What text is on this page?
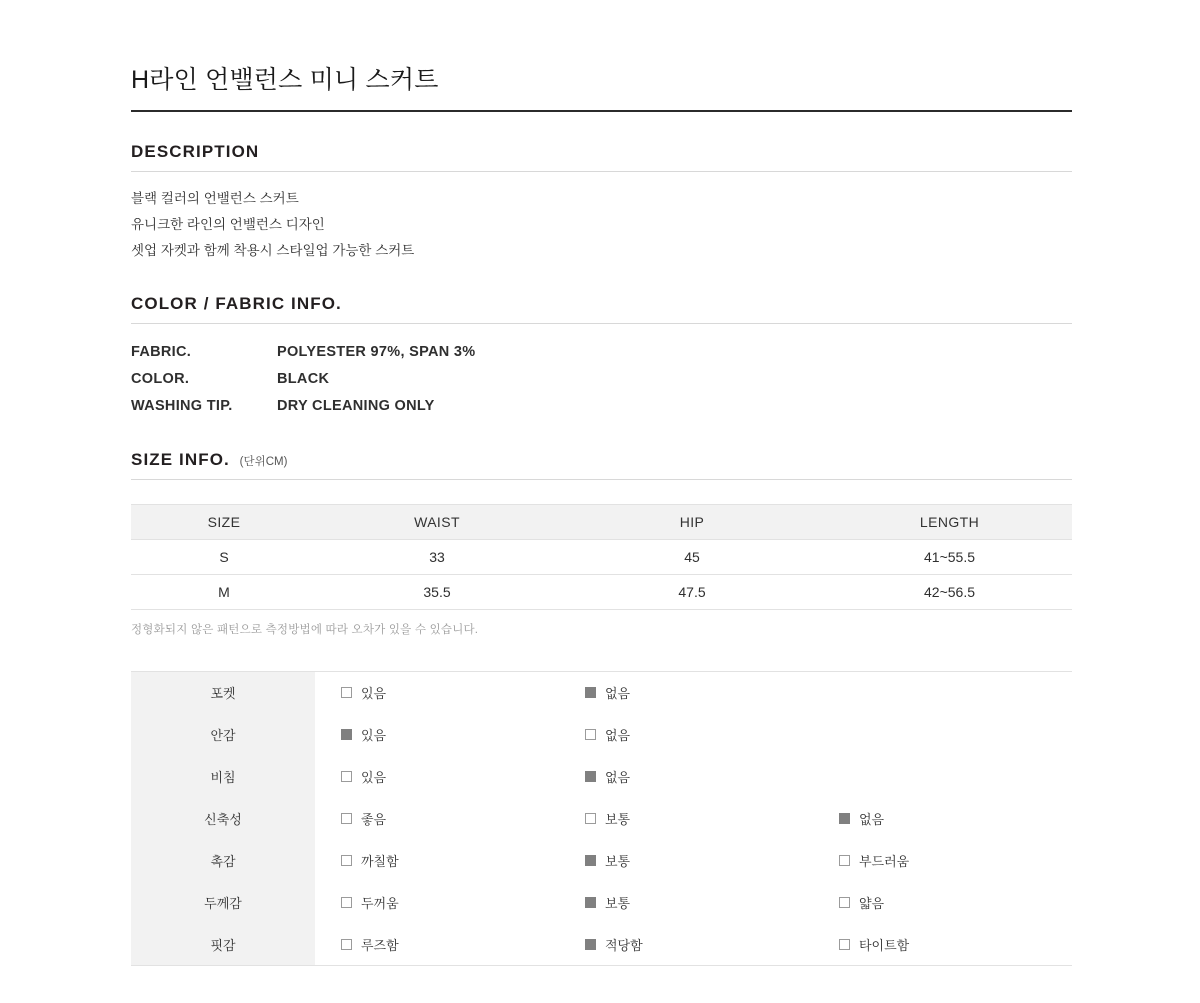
H라인 언밸런스 미니 스커트
DESCRIPTION
블랙 컬러의 언밸런스 스커트
유니크한 라인의 언밸런스 디자인
셋업 자켓과 함께 착용시 스타일업 가능한 스커트
COLOR / FABRIC INFO.
FABRIC.	POLYESTER 97%, SPAN 3%
COLOR.	BLACK
WASHING TIP.	DRY CLEANING ONLY
SIZE INFO. (단위CM)
SIZE	WAIST	HIP	LENGTH
S	33	45	41~55.5
M	35.5	47.5	42~56.5
정형화되지 않은 패턴으로 측정방법에 따라 오차가 있을 수 있습니다.
포켓	있음	없음	

안감	있음	없음	

비침	있음	없음	

신축성	좋음	보통	없음

촉감	까칠함	보통	부드러움

두께감	두꺼움	보통	얇음

핏감	루즈함	적당함	타이트함
